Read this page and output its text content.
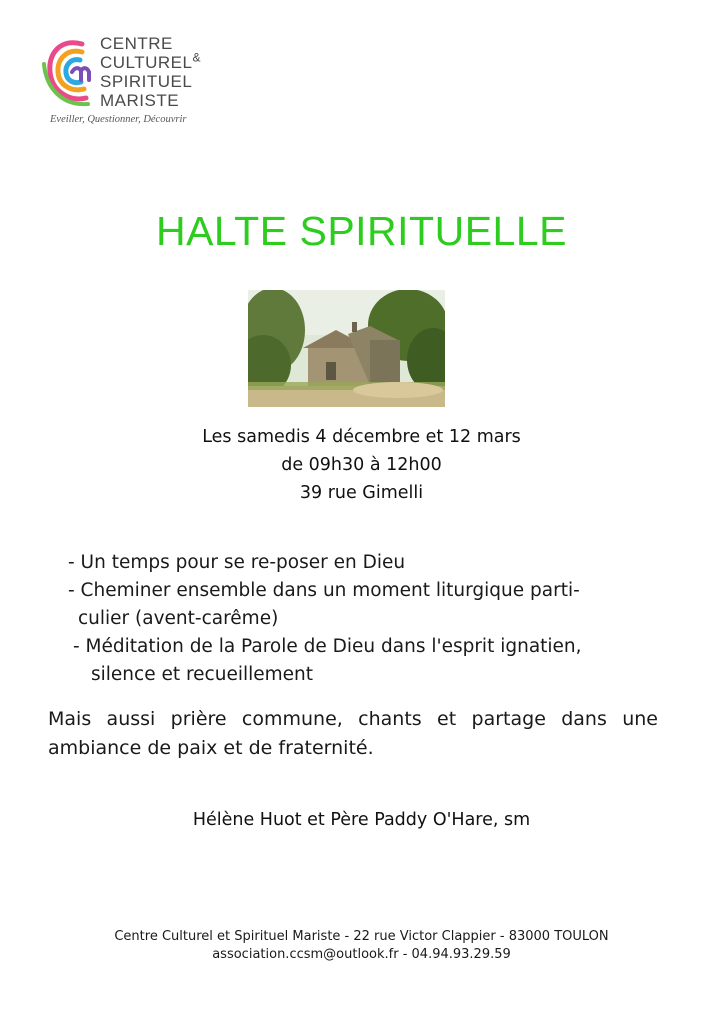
CENTRE
CULTUREL&
SPIRITUEL
MARISTE
Eveiller, Questionner, Découvrir
HALTE SPIRITUELLE
Les samedis 4 décembre et 12 mars
de 09h30 à 12h00
39 rue Gimelli
- Un temps pour se re-poser en Dieu
- Cheminer ensemble dans un moment liturgique parti-
culier (avent-carême)
- Méditation de la Parole de Dieu dans l'esprit ignatien,
silence et recueillement
Mais aussi prière commune, chants et partage dans une ambiance de paix et de fraternité.
Hélène Huot et Père Paddy O'Hare, sm
Centre Culturel et Spirituel Mariste - 22 rue Victor Clappier - 83000 TOULON
association.ccsm@outlook.fr - 04.94.93.29.59
